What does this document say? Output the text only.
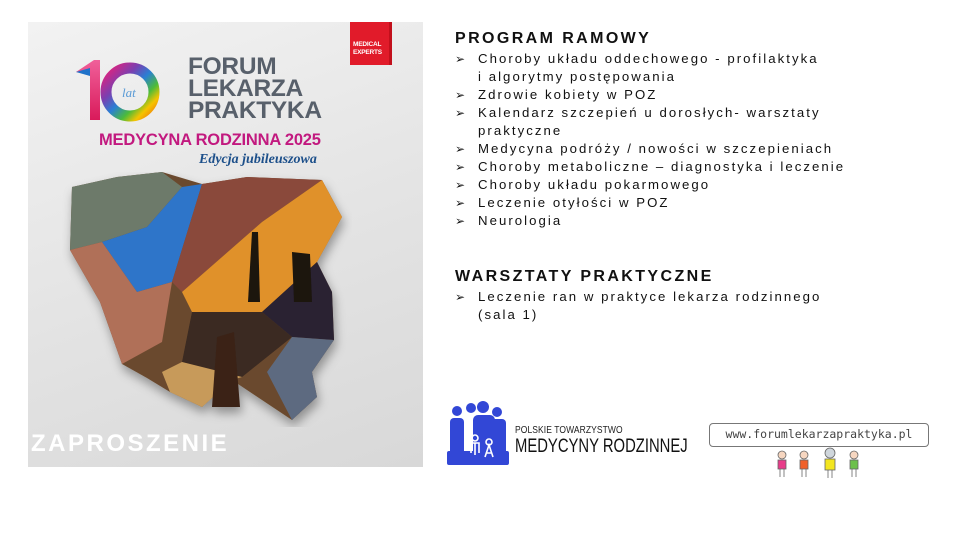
MEDICAL
EXPERTS
lat
FORUM
LEKARZA
PRAKTYKA
MEDYCYNA RODZINNA 2025
Edycja jubileuszowa
ZAPROSZENIE
PROGRAM RAMOWY
➢ Choroby układu oddechowego - profilaktyka
i algorytmy postępowania
➢ Zdrowie kobiety w POZ
➢ Kalendarz szczepień u dorosłych- warsztaty
praktyczne
➢ Medycyna podróży / nowości w szczepieniach
➢ Choroby metaboliczne – diagnostyka i leczenie
➢ Choroby układu pokarmowego
➢ Leczenie otyłości w POZ
➢ Neurologia
WARSZTATY PRAKTYCZNE
➢ Leczenie ran w praktyce lekarza rodzinnego
(sala 1)
POLSKIE TOWARZYSTWO
MEDYCYNY RODZINNEJ
www.forumlekarzapraktyka.pl
